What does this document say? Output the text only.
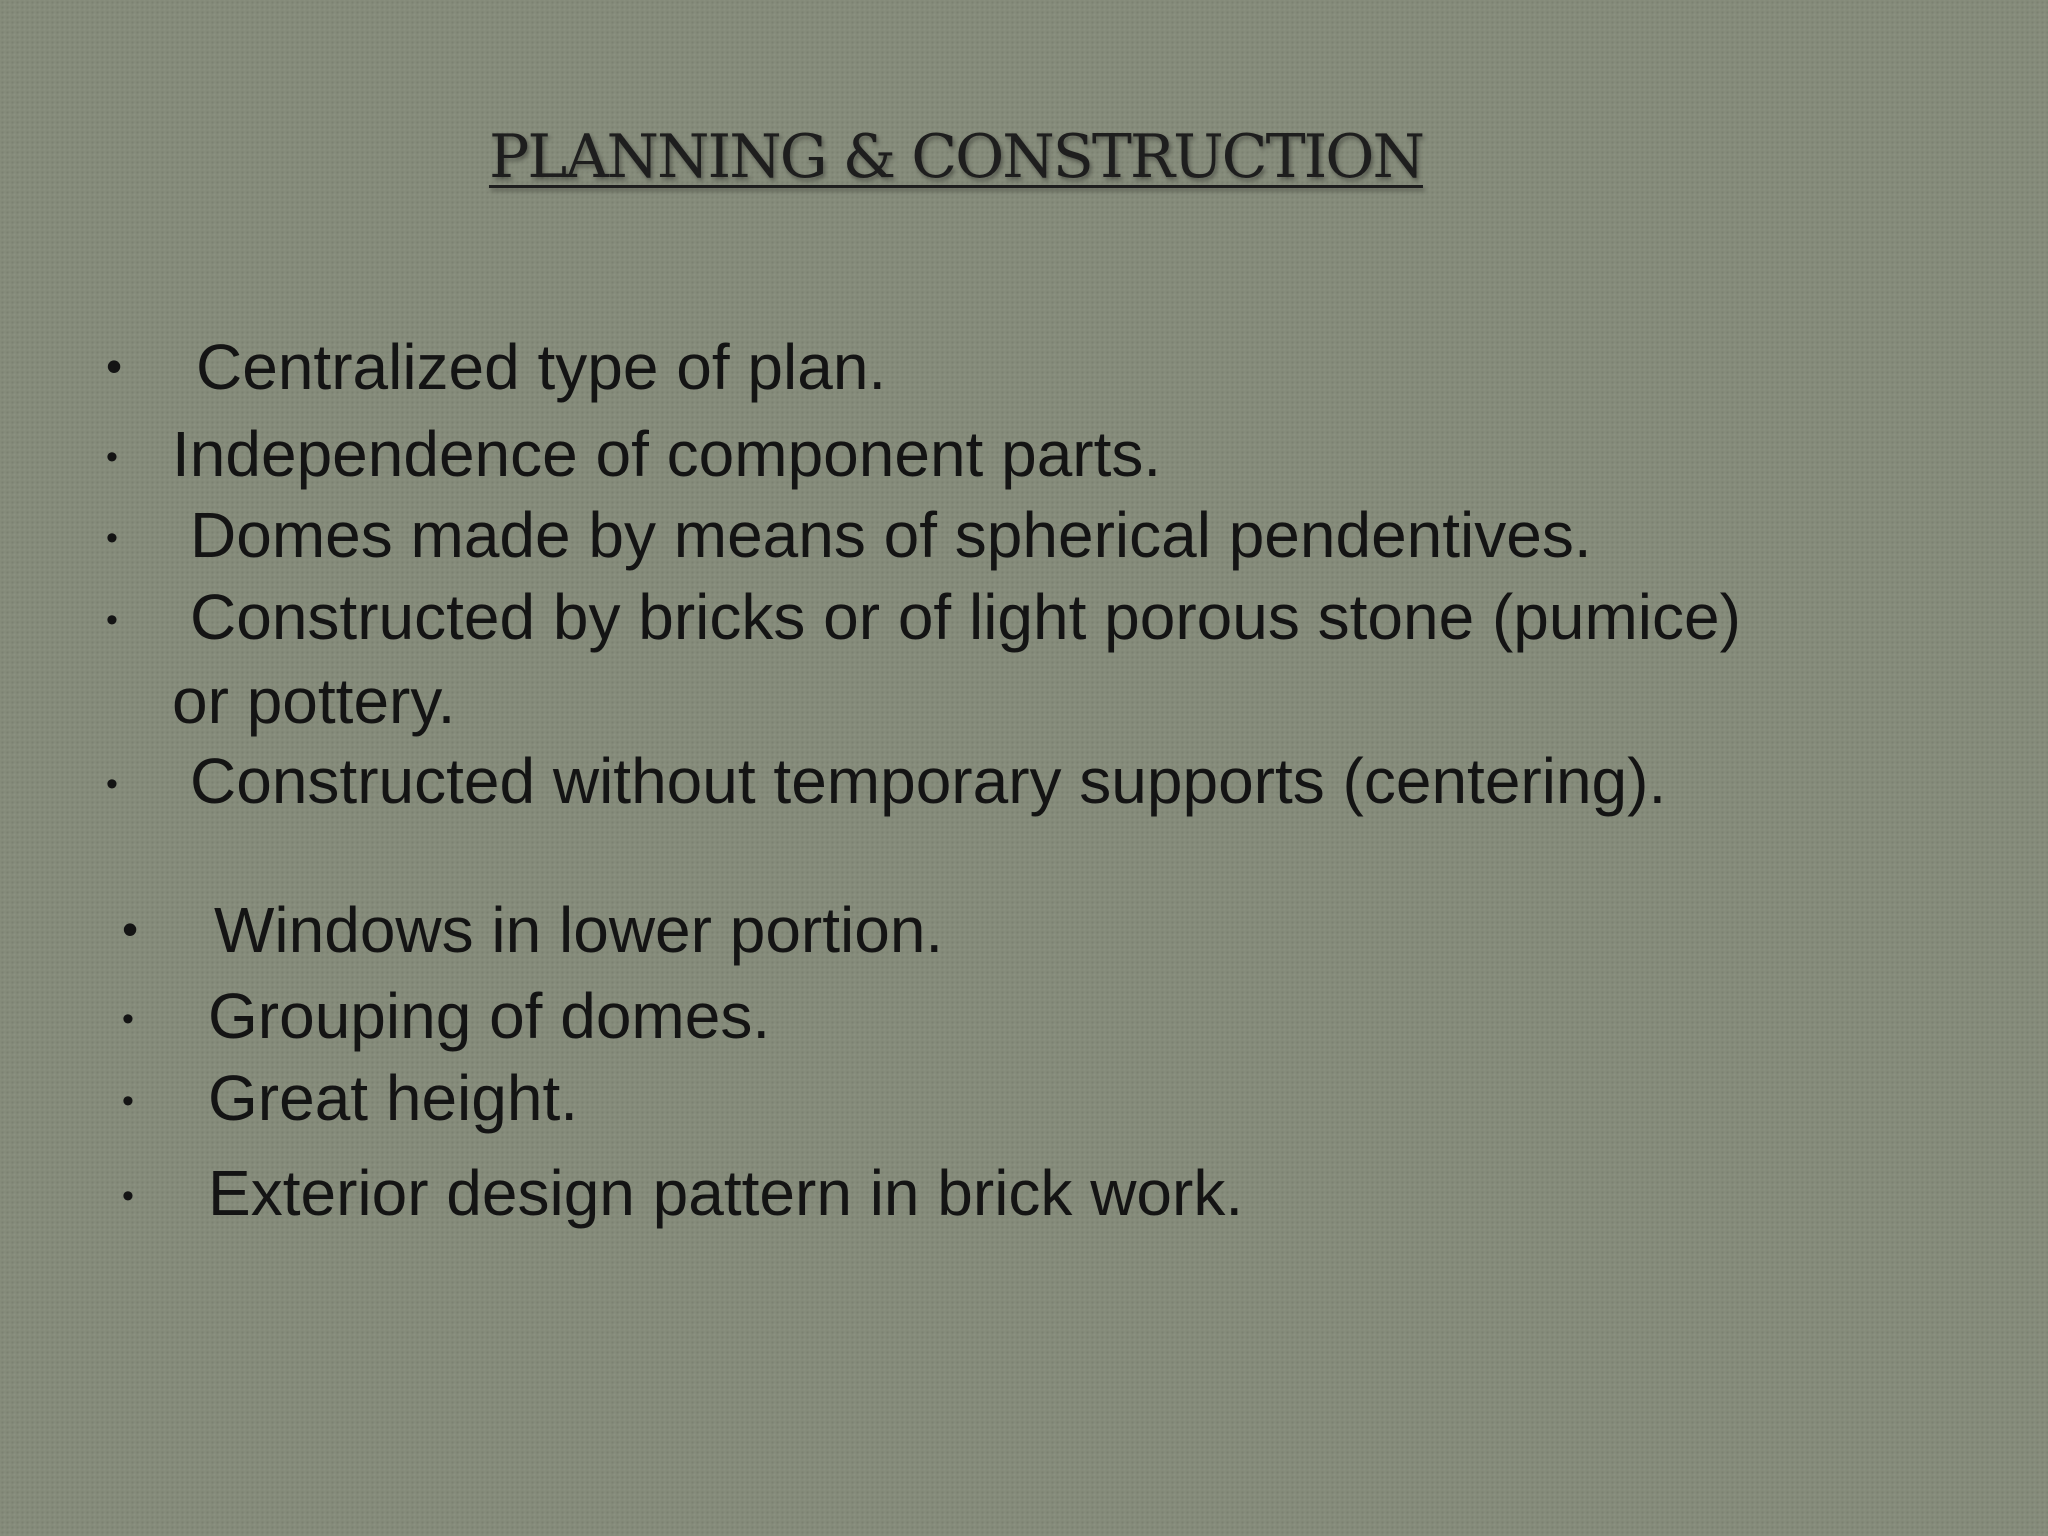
PLANNING & CONSTRUCTION
• Centralized type of plan.
• Independence of component parts.
• Domes made by means of spherical pendentives.
• Constructed by bricks or of light porous stone (pumice)
or pottery.
• Constructed without temporary supports (centering).
• Windows in lower portion.
• Grouping of domes.
• Great height.
• Exterior design pattern in brick work.
